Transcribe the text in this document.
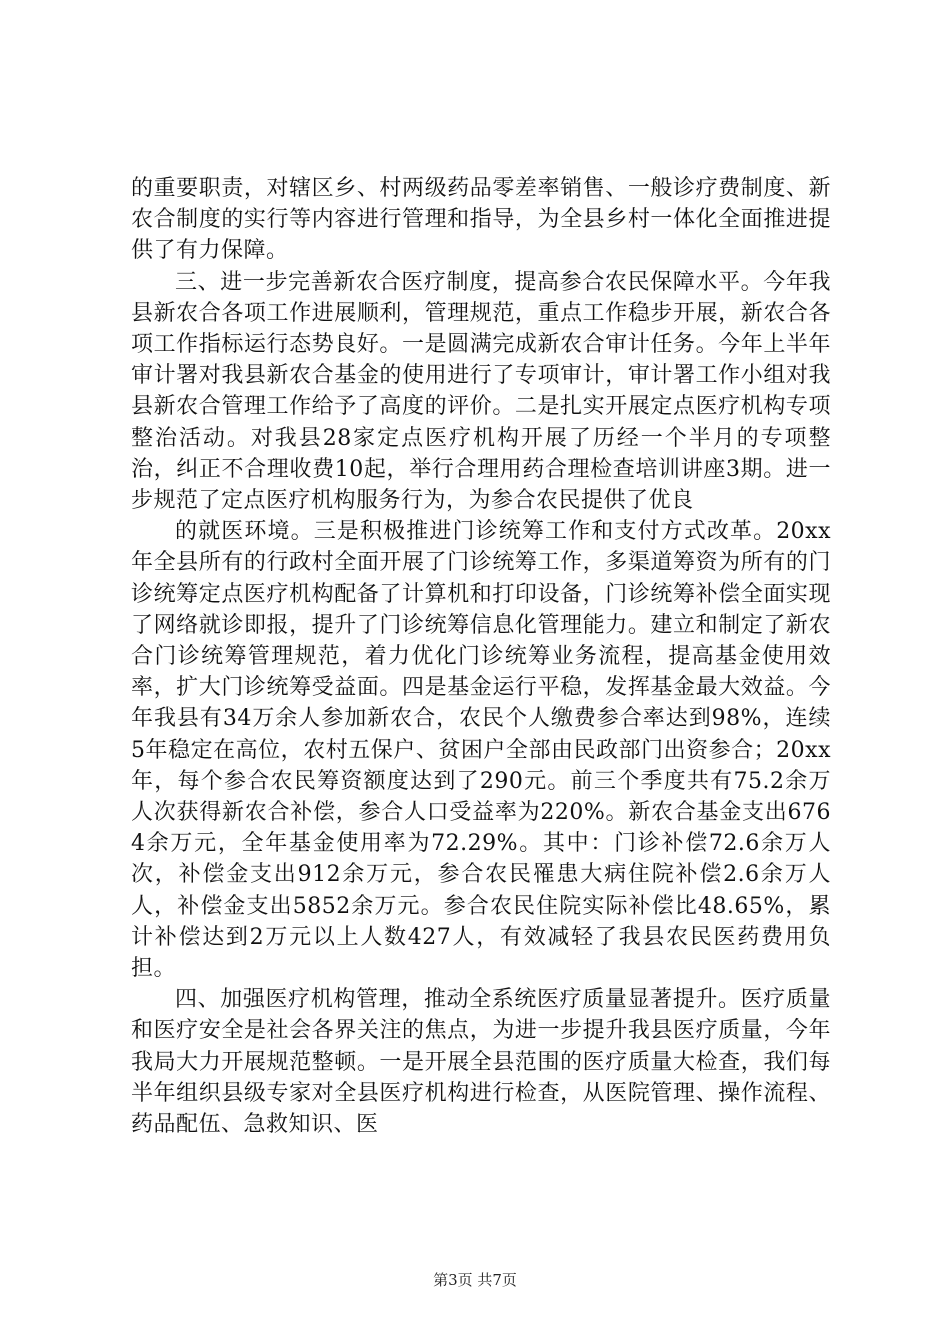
的重要职责，对辖区乡、村两级药品零差率销售、一般诊疗费制度、新农合制度的实行等内容进行管理和指导，为全县乡村一体化全面推进提供了有力保障。

三、进一步完善新农合医疗制度，提高参合农民保障水平。今年我县新农合各项工作进展顺利，管理规范，重点工作稳步开展，新农合各项工作指标运行态势良好。一是圆满完成新农合审计任务。今年上半年审计署对我县新农合基金的使用进行了专项审计，审计署工作小组对我县新农合管理工作给予了高度的评价。二是扎实开展定点医疗机构专项整治活动。对我县28家定点医疗机构开展了历经一个半月的专项整治，纠正不合理收费10起，举行合理用药合理检查培训讲座3期。进一步规范了定点医疗机构服务行为，为参合农民提供了优良

的就医环境。三是积极推进门诊统筹工作和支付方式改革。20xx年全县所有的行政村全面开展了门诊统筹工作，多渠道筹资为所有的门诊统筹定点医疗机构配备了计算机和打印设备，门诊统筹补偿全面实现了网络就诊即报，提升了门诊统筹信息化管理能力。建立和制定了新农合门诊统筹管理规范，着力优化门诊统筹业务流程，提高基金使用效率，扩大门诊统筹受益面。四是基金运行平稳，发挥基金最大效益。今年我县有34万余人参加新农合，农民个人缴费参合率达到98%，连续5年稳定在高位，农村五保户、贫困户全部由民政部门出资参合；20xx年，每个参合农民筹资额度达到了290元。前三个季度共有75.2余万人次获得新农合补偿，参合人口受益率为220%。新农合基金支出6764余万元，全年基金使用率为72.29%。其中：门诊补偿72.6余万人次，补偿金支出912余万元，参合农民罹患大病住院补偿2.6余万人人，补偿金支出5852余万元。参合农民住院实际补偿比48.65%，累计补偿达到2万元以上人数427人，有效减轻了我县农民医药费用负担。

四、加强医疗机构管理，推动全系统医疗质量显著提升。医疗质量和医疗安全是社会各界关注的焦点，为进一步提升我县医疗质量，今年我局大力开展规范整顿。一是开展全县范围的医疗质量大检查，我们每半年组织县级专家对全县医疗机构进行检查，从医院管理、操作流程、药品配伍、急救知识、医

第3页 共7页
